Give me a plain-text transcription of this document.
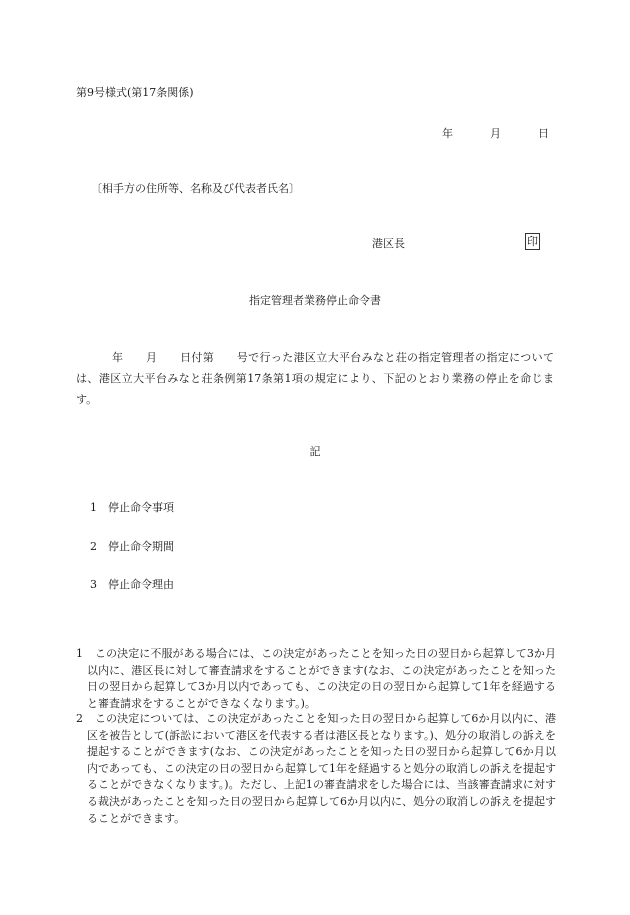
第9号様式(第17条関係)
年	月	日
〔相手方の住所等、名称及び代表者氏名〕
港区長	印
指定管理者業務停止命令書
年　　月　　日付第　　号で行った港区立大平台みなと荘の指定管理者の指定については、港区立大平台みなと荘条例第17条第1項の規定により、下記のとおり業務の停止を命じます。
記
1 停止命令事項
2 停止命令期間
3 停止命令理由
1	この決定に不服がある場合には、この決定があったことを知った日の翌日から起算して3か月以内に、港区長に対して審査請求をすることができます(なお、この決定があったことを知った日の翌日から起算して3か月以内であっても、この決定の日の翌日から起算して1年を経過すると審査請求をすることができなくなります。)。
2	この決定については、この決定があったことを知った日の翌日から起算して6か月以内に、港区を被告として(訴訟において港区を代表する者は港区長となります。)、処分の取消しの訴えを提起することができます(なお、この決定があったことを知った日の翌日から起算して6か月以内であっても、この決定の日の翌日から起算して1年を経過すると処分の取消しの訴えを提起することができなくなります。)。ただし、上記1の審査請求をした場合には、当該審査請求に対する裁決があったことを知った日の翌日から起算して6か月以内に、処分の取消しの訴えを提起することができます。
